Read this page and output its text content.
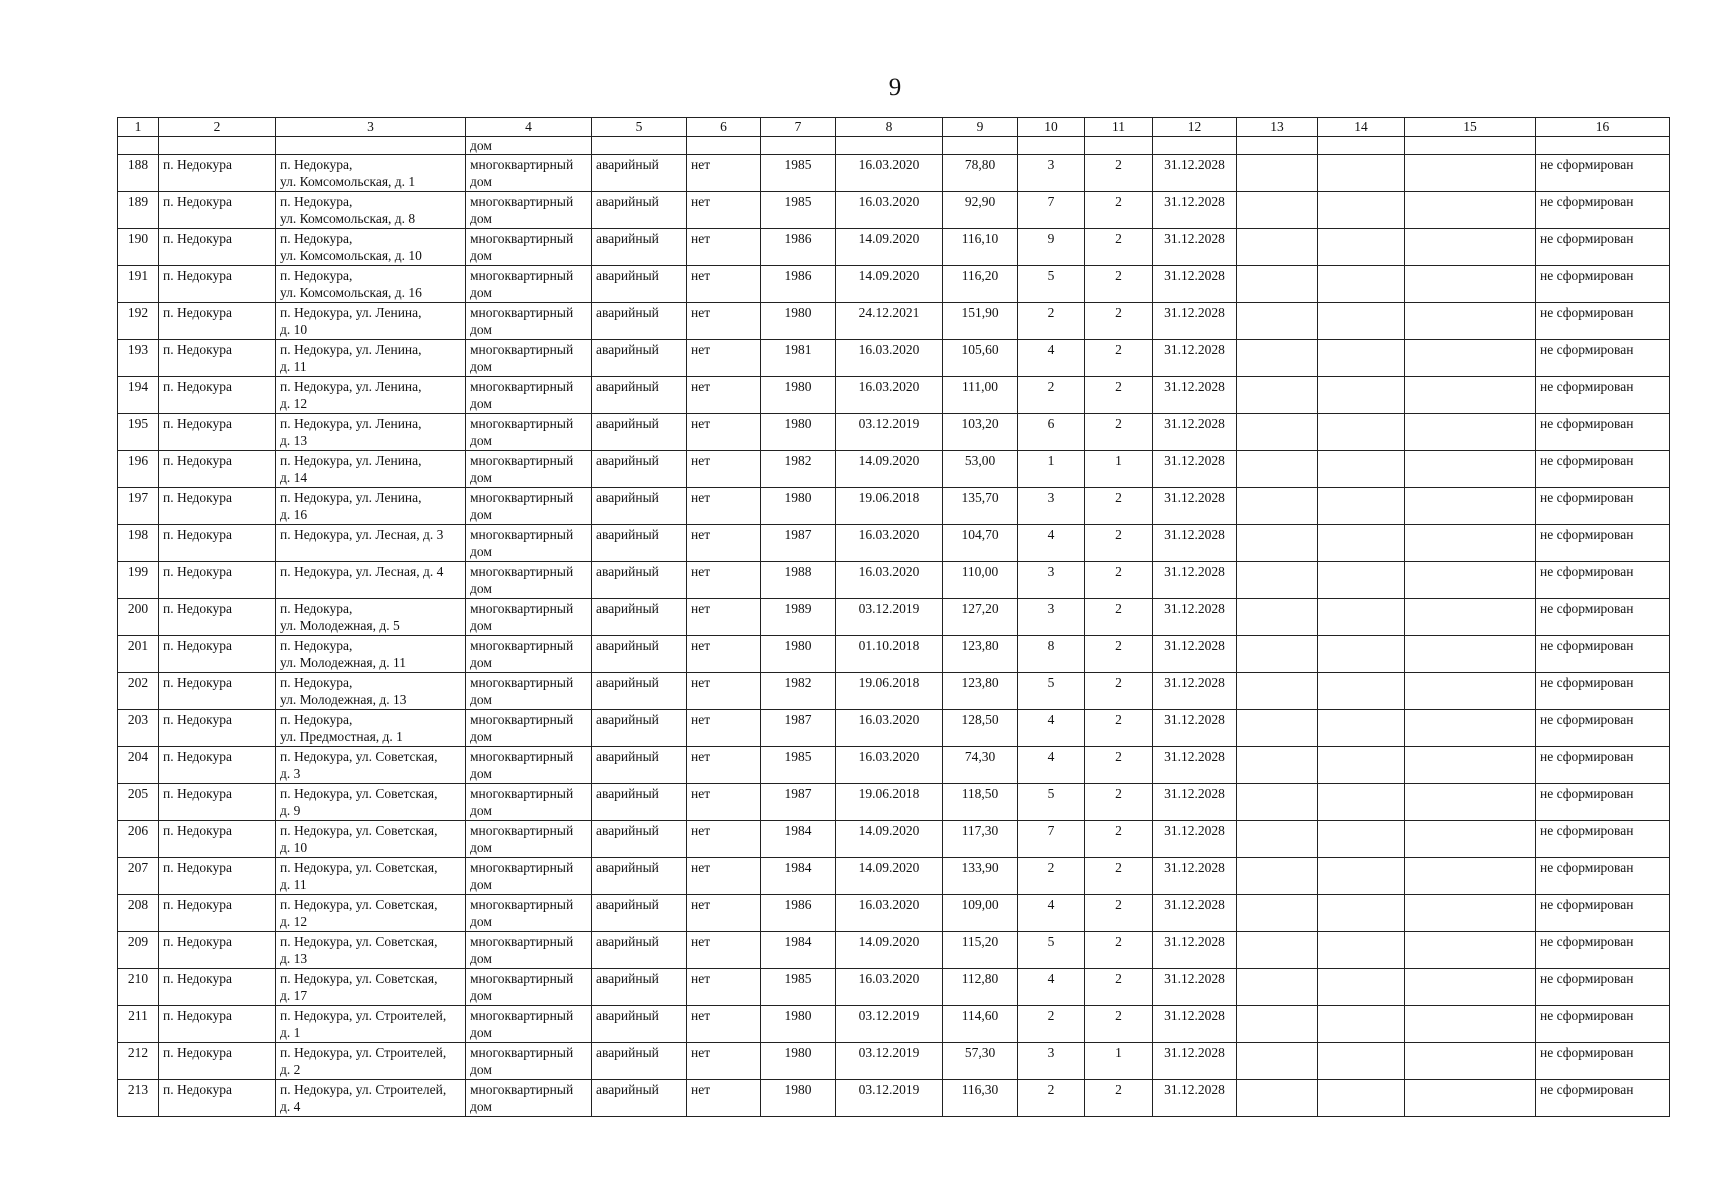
9
1	2	3	4	5	6	7	8	9	10	11	12	13	14	15	16
			дом												
188	п. Недокура	п. Недокура,
ул. Комсомольская, д. 1	многоквартирный
дом	аварийный	нет	1985	16.03.2020	78,80	3	2	31.12.2028				не сформирован
189	п. Недокура	п. Недокура,
ул. Комсомольская, д. 8	многоквартирный
дом	аварийный	нет	1985	16.03.2020	92,90	7	2	31.12.2028				не сформирован
190	п. Недокура	п. Недокура,
ул. Комсомольская, д. 10	многоквартирный
дом	аварийный	нет	1986	14.09.2020	116,10	9	2	31.12.2028				не сформирован
191	п. Недокура	п. Недокура,
ул. Комсомольская, д. 16	многоквартирный
дом	аварийный	нет	1986	14.09.2020	116,20	5	2	31.12.2028				не сформирован
192	п. Недокура	п. Недокура, ул. Ленина,
д. 10	многоквартирный
дом	аварийный	нет	1980	24.12.2021	151,90	2	2	31.12.2028				не сформирован
193	п. Недокура	п. Недокура, ул. Ленина,
д. 11	многоквартирный
дом	аварийный	нет	1981	16.03.2020	105,60	4	2	31.12.2028				не сформирован
194	п. Недокура	п. Недокура, ул. Ленина,
д. 12	многоквартирный
дом	аварийный	нет	1980	16.03.2020	111,00	2	2	31.12.2028				не сформирован
195	п. Недокура	п. Недокура, ул. Ленина,
д. 13	многоквартирный
дом	аварийный	нет	1980	03.12.2019	103,20	6	2	31.12.2028				не сформирован
196	п. Недокура	п. Недокура, ул. Ленина,
д. 14	многоквартирный
дом	аварийный	нет	1982	14.09.2020	53,00	1	1	31.12.2028				не сформирован
197	п. Недокура	п. Недокура, ул. Ленина,
д. 16	многоквартирный
дом	аварийный	нет	1980	19.06.2018	135,70	3	2	31.12.2028				не сформирован
198	п. Недокура	п. Недокура, ул. Лесная, д. 3	многоквартирный
дом	аварийный	нет	1987	16.03.2020	104,70	4	2	31.12.2028				не сформирован
199	п. Недокура	п. Недокура, ул. Лесная, д. 4	многоквартирный
дом	аварийный	нет	1988	16.03.2020	110,00	3	2	31.12.2028				не сформирован
200	п. Недокура	п. Недокура,
ул. Молодежная, д. 5	многоквартирный
дом	аварийный	нет	1989	03.12.2019	127,20	3	2	31.12.2028				не сформирован
201	п. Недокура	п. Недокура,
ул. Молодежная, д. 11	многоквартирный
дом	аварийный	нет	1980	01.10.2018	123,80	8	2	31.12.2028				не сформирован
202	п. Недокура	п. Недокура,
ул. Молодежная, д. 13	многоквартирный
дом	аварийный	нет	1982	19.06.2018	123,80	5	2	31.12.2028				не сформирован
203	п. Недокура	п. Недокура,
ул. Предмостная, д. 1	многоквартирный
дом	аварийный	нет	1987	16.03.2020	128,50	4	2	31.12.2028				не сформирован
204	п. Недокура	п. Недокура, ул. Советская,
д. 3	многоквартирный
дом	аварийный	нет	1985	16.03.2020	74,30	4	2	31.12.2028				не сформирован
205	п. Недокура	п. Недокура, ул. Советская,
д. 9	многоквартирный
дом	аварийный	нет	1987	19.06.2018	118,50	5	2	31.12.2028				не сформирован
206	п. Недокура	п. Недокура, ул. Советская,
д. 10	многоквартирный
дом	аварийный	нет	1984	14.09.2020	117,30	7	2	31.12.2028				не сформирован
207	п. Недокура	п. Недокура, ул. Советская,
д. 11	многоквартирный
дом	аварийный	нет	1984	14.09.2020	133,90	2	2	31.12.2028				не сформирован
208	п. Недокура	п. Недокура, ул. Советская,
д. 12	многоквартирный
дом	аварийный	нет	1986	16.03.2020	109,00	4	2	31.12.2028				не сформирован
209	п. Недокура	п. Недокура, ул. Советская,
д. 13	многоквартирный
дом	аварийный	нет	1984	14.09.2020	115,20	5	2	31.12.2028				не сформирован
210	п. Недокура	п. Недокура, ул. Советская,
д. 17	многоквартирный
дом	аварийный	нет	1985	16.03.2020	112,80	4	2	31.12.2028				не сформирован
211	п. Недокура	п. Недокура, ул. Строителей,
д. 1	многоквартирный
дом	аварийный	нет	1980	03.12.2019	114,60	2	2	31.12.2028				не сформирован
212	п. Недокура	п. Недокура, ул. Строителей,
д. 2	многоквартирный
дом	аварийный	нет	1980	03.12.2019	57,30	3	1	31.12.2028				не сформирован
213	п. Недокура	п. Недокура, ул. Строителей,
д. 4	многоквартирный
дом	аварийный	нет	1980	03.12.2019	116,30	2	2	31.12.2028				не сформирован
